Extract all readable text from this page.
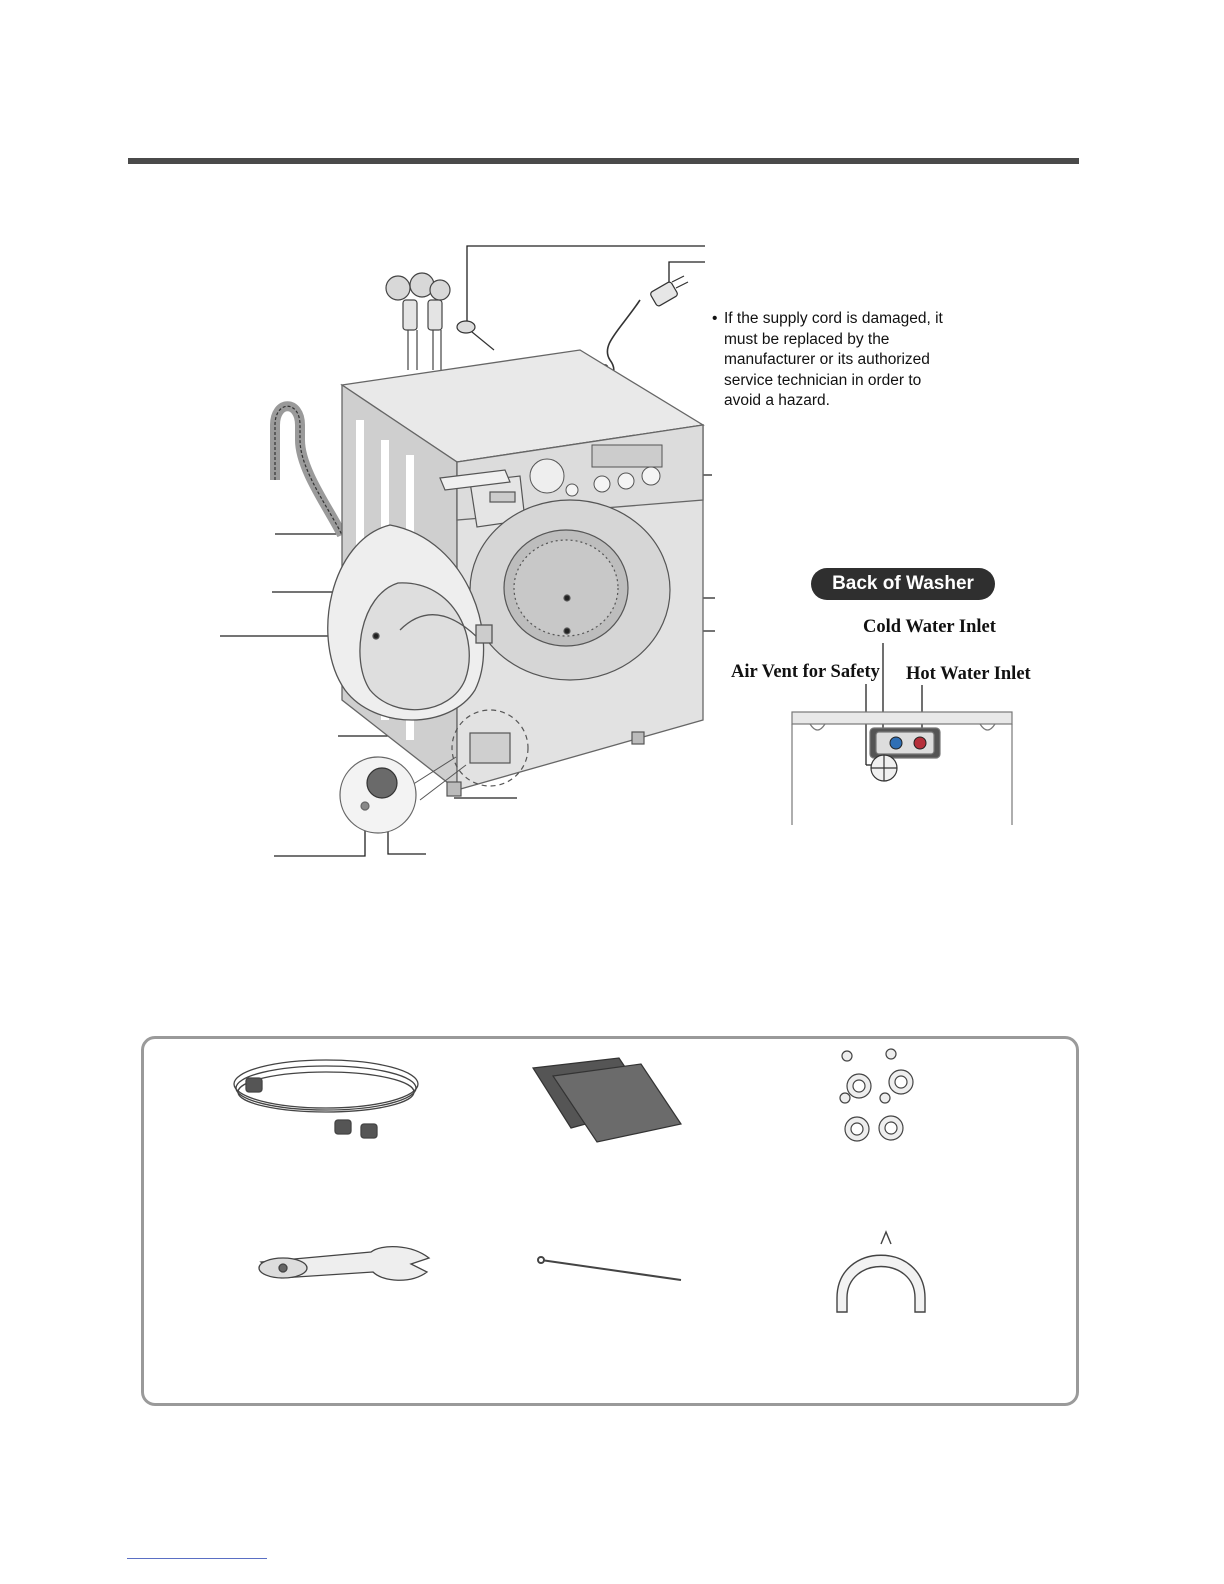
• If the supply cord is damaged, it must be replaced by the manufacturer or its authorized service technician in order to avoid a hazard.
Back of Washer
Cold Water Inlet
Hot Water Inlet
Air Vent for Safety
